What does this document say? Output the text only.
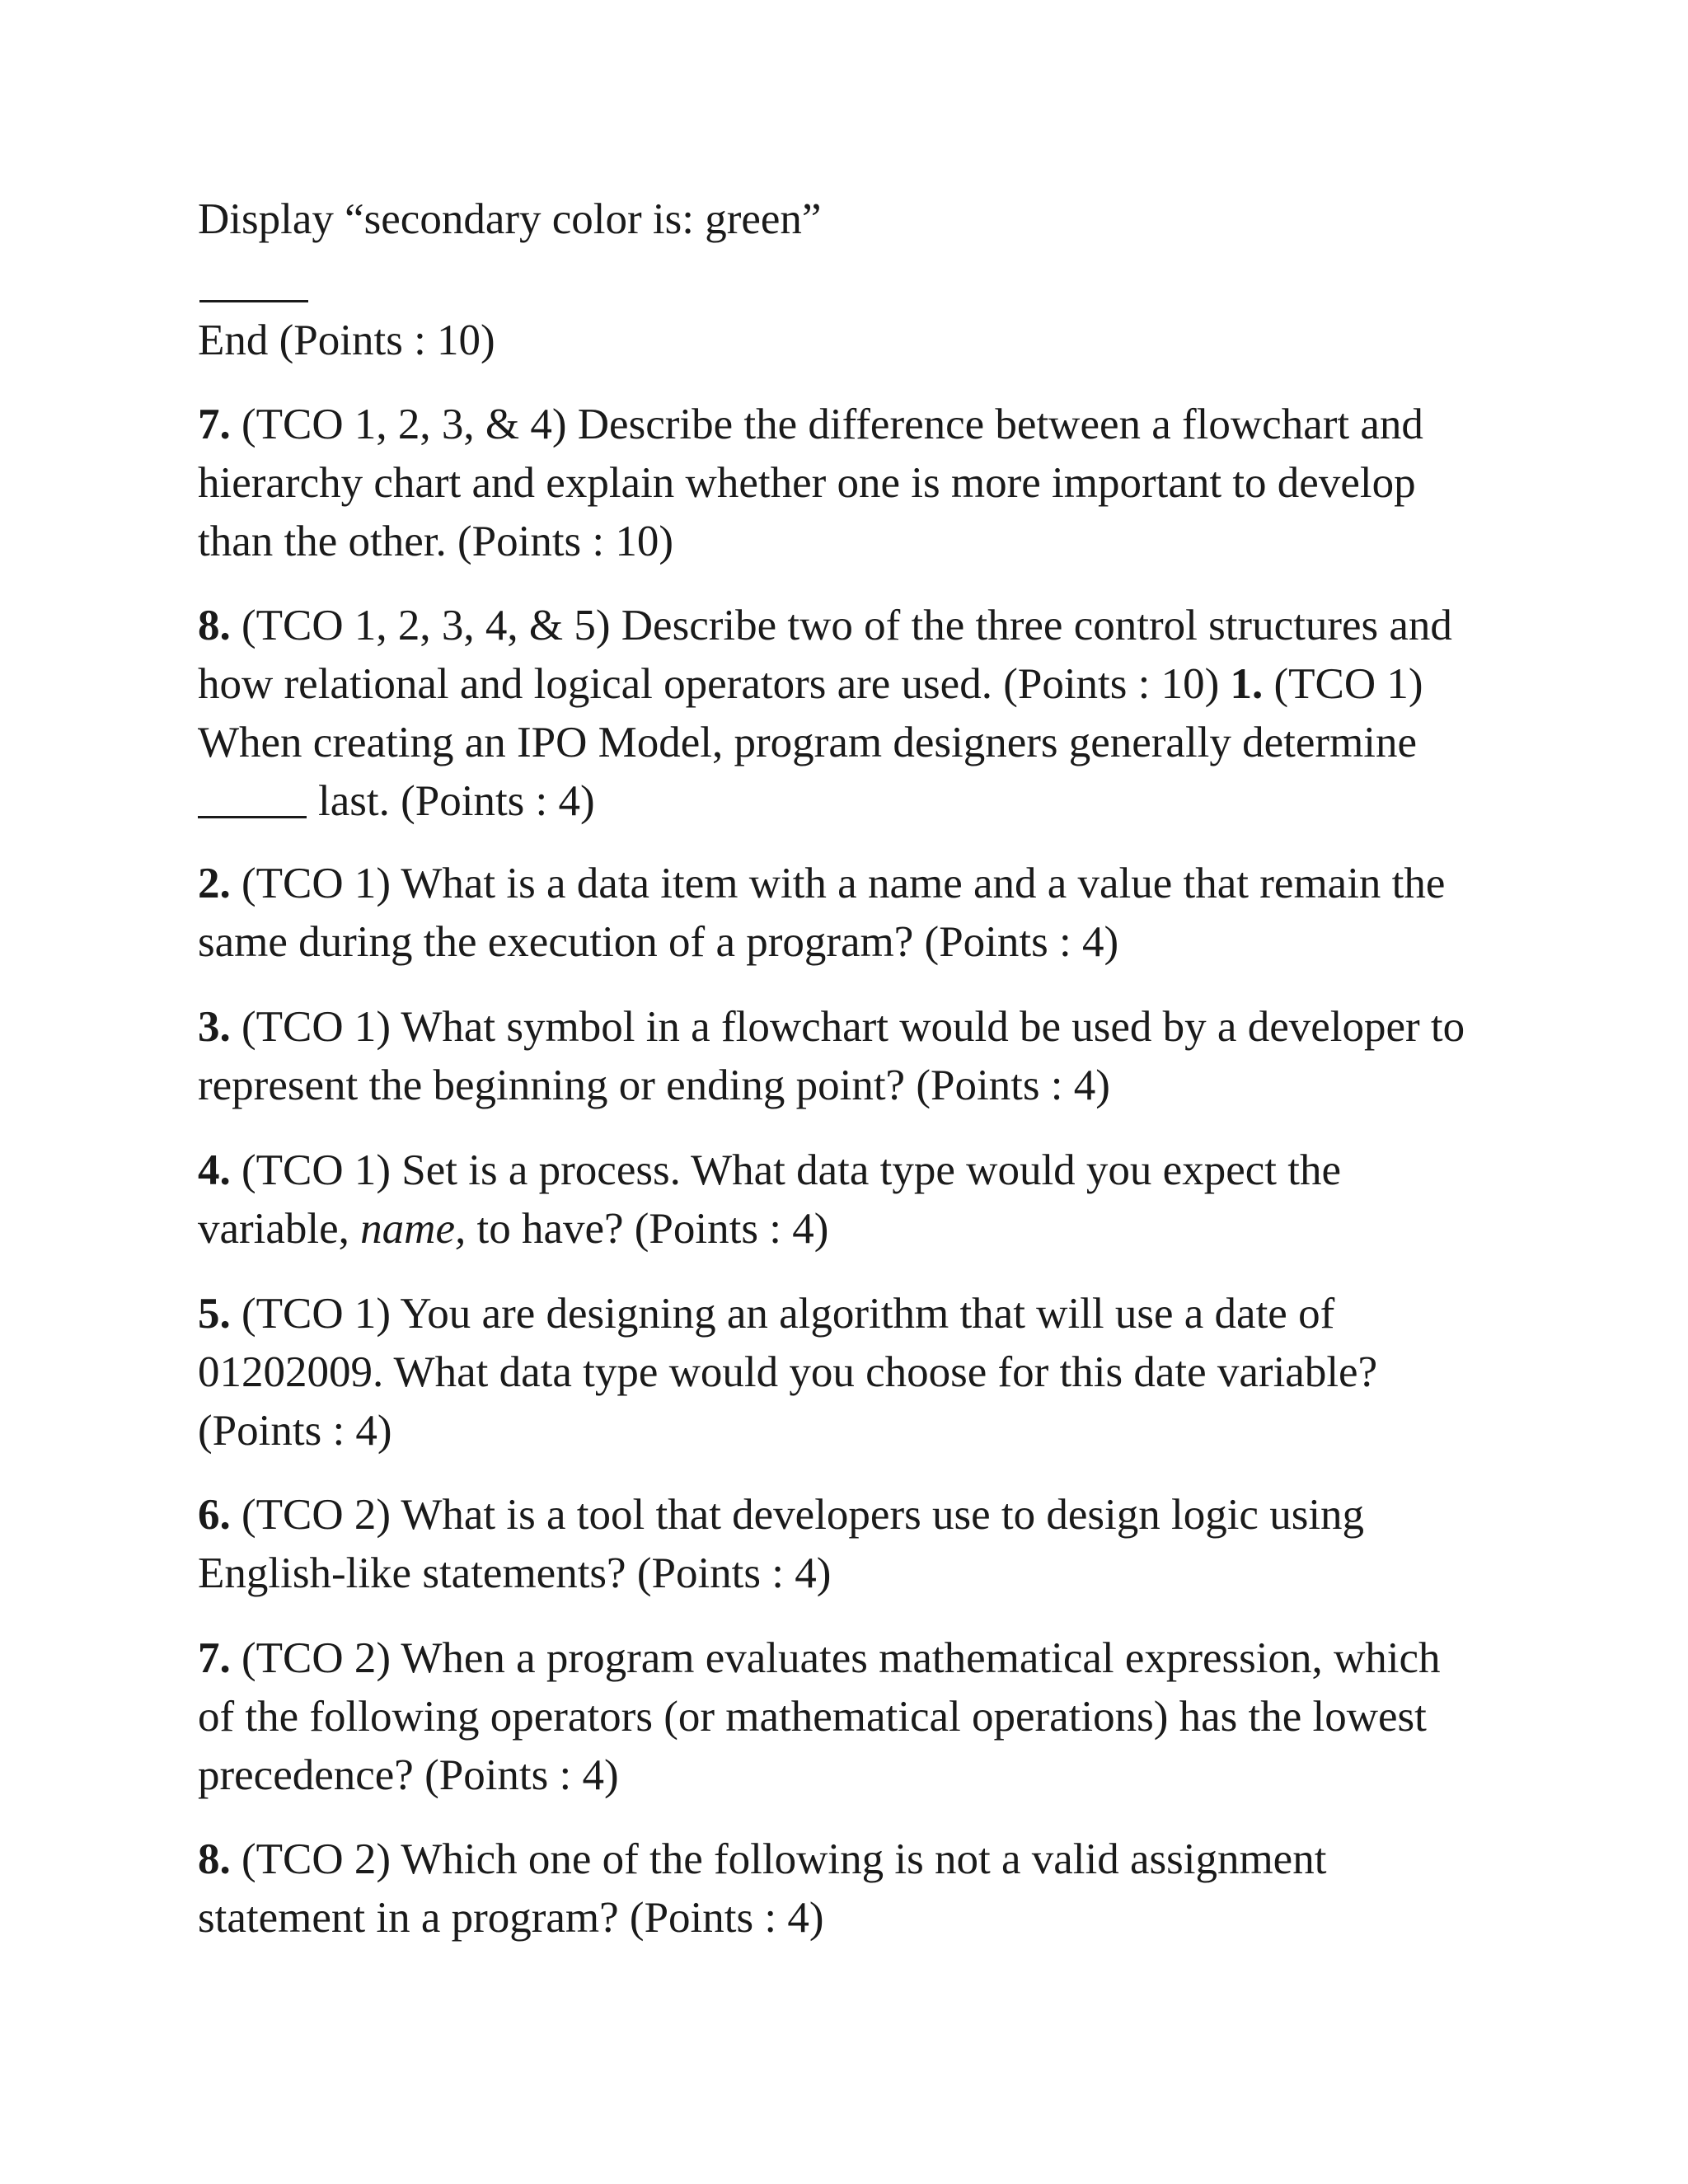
Display “secondary color is: green”
End (Points : 10)
7. (TCO 1, 2, 3, & 4) Describe the difference between a flowchart and
hierarchy chart and explain whether one is more important to develop
than the other. (Points : 10)
8. (TCO 1, 2, 3, 4, & 5) Describe two of the three control structures and
how relational and logical operators are used. (Points : 10) 1. (TCO 1)
When creating an IPO Model, program designers generally determine
last. (Points : 4)
2. (TCO 1) What is a data item with a name and a value that remain the
same during the execution of a program? (Points : 4)
3. (TCO 1) What symbol in a flowchart would be used by a developer to
represent the beginning or ending point? (Points : 4)
4. (TCO 1) Set is a process. What data type would you expect the
variable, name, to have? (Points : 4)
5. (TCO 1) You are designing an algorithm that will use a date of
01202009. What data type would you choose for this date variable?
(Points : 4)
6. (TCO 2) What is a tool that developers use to design logic using
English-like statements? (Points : 4)
7. (TCO 2) When a program evaluates mathematical expression, which
of the following operators (or mathematical operations) has the lowest
precedence? (Points : 4)
8. (TCO 2) Which one of the following is not a valid assignment
statement in a program? (Points : 4)
